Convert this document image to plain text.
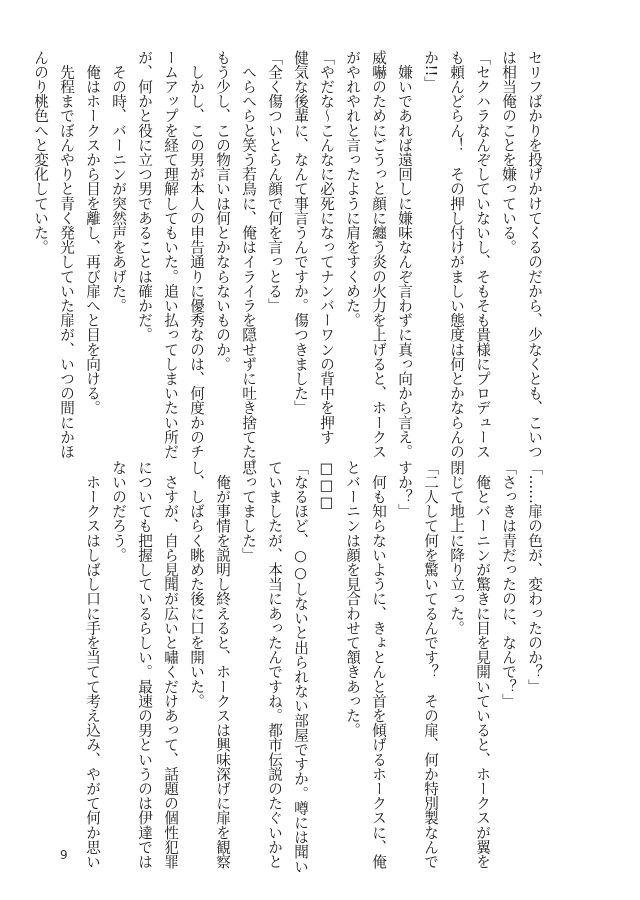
セリフばかりを投げかけてくるのだから、少なくとも、こいつ
は相当俺のことを嫌っている。
「セクハラなんぞしていないし、そもそも貴様にプロデュース
も頼んどらん！　その押し付けがましい態度は何とかならんの
か!!」
　嫌いであれば遠回しに嫌味なんぞ言わずに真っ向から言え。
威嚇のためにごうっと顔に纏う炎の火力を上げると、ホークス
がやれやれと言ったように肩をすくめた。
「やだな～こんなに必死になってナンバーワンの背中を押す
健気な後輩に、なんて事言うんですか。傷つきました」
「全く傷ついとらん顔で何を言っとる」
　へらへらと笑う若鳥に、俺はイライラを隠せずに吐き捨てた。
もう少し、この物言いは何とかならないものか。
　しかし、この男が本人の申告通りに優秀なのは、何度かのチ
ームアップを経て理解してもいた。追い払ってしまいたい所だ
が、何かと役に立つ男であることは確かだ。
　その時、バーニンが突然声をあげた。
　俺はホークスから目を離し、再び扉へと目を向ける。
　先程までぼんやりと青く発光していた扉が、いつの間にかほ
んのり桃色へと変化していた。
「……扉の色が、変わったのか？」
「さっきは青だったのに、なんで？」
　俺とバーニンが驚きに目を見開いていると、ホークスが翼を
閉じて地上に降り立った。
「二人して何を驚いてるんです？　その扉、何か特別製なんで
すか？」
　何も知らないように、きょとんと首を傾げるホークスに、俺
とバーニンは顔を見合わせて頷きあった。
□□□
「なるほど、○○しないと出られない部屋ですか。噂には聞い
ていましたが、本当にあったんですね。都市伝説のたぐいかと
思ってました」
　俺が事情を説明し終えると、ホークスは興味深げに扉を観察
し、しばらく眺めた後に口を開いた。
　さすが、自ら見聞が広いと嘯くだけあって、話題の個性犯罪
についても把握しているらしい。最速の男というのは伊達では
ないのだろう。
　ホークスはしばし口に手を当てて考え込み、やがて何か思い
9
